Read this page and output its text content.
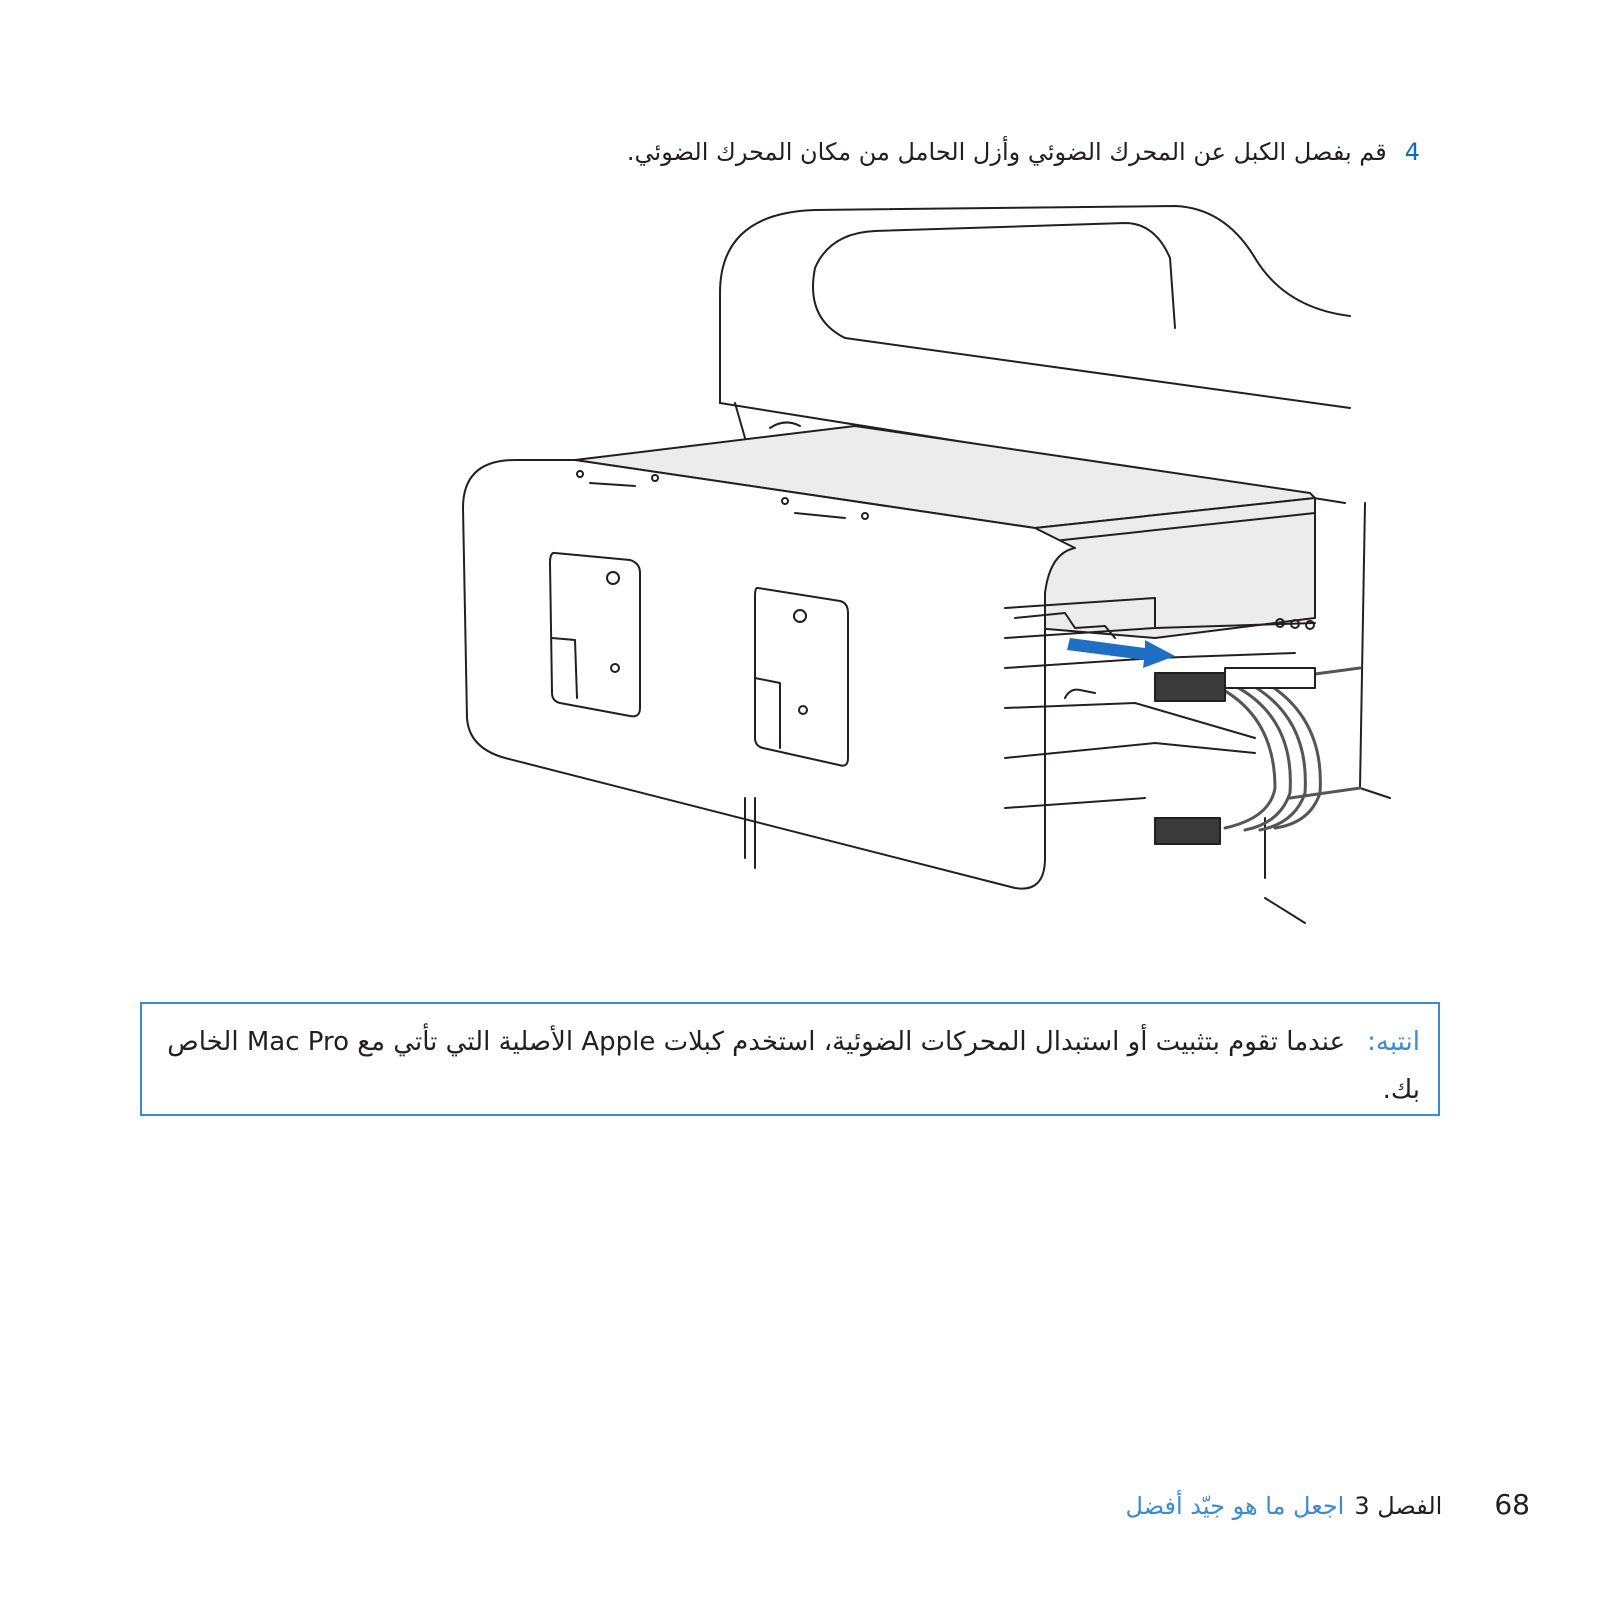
4قم بفصل الكبل عن المحرك الضوئي وأزل الحامل من مكان المحرك الضوئي.
انتبه:عندما تقوم بتثبيت أو استبدال المحركات الضوئية، استخدم كبلات Apple الأصلية التي تأتي مع Mac Pro الخاص بك.
68الفصل 3اجعل ما هو جيّد أفضل
